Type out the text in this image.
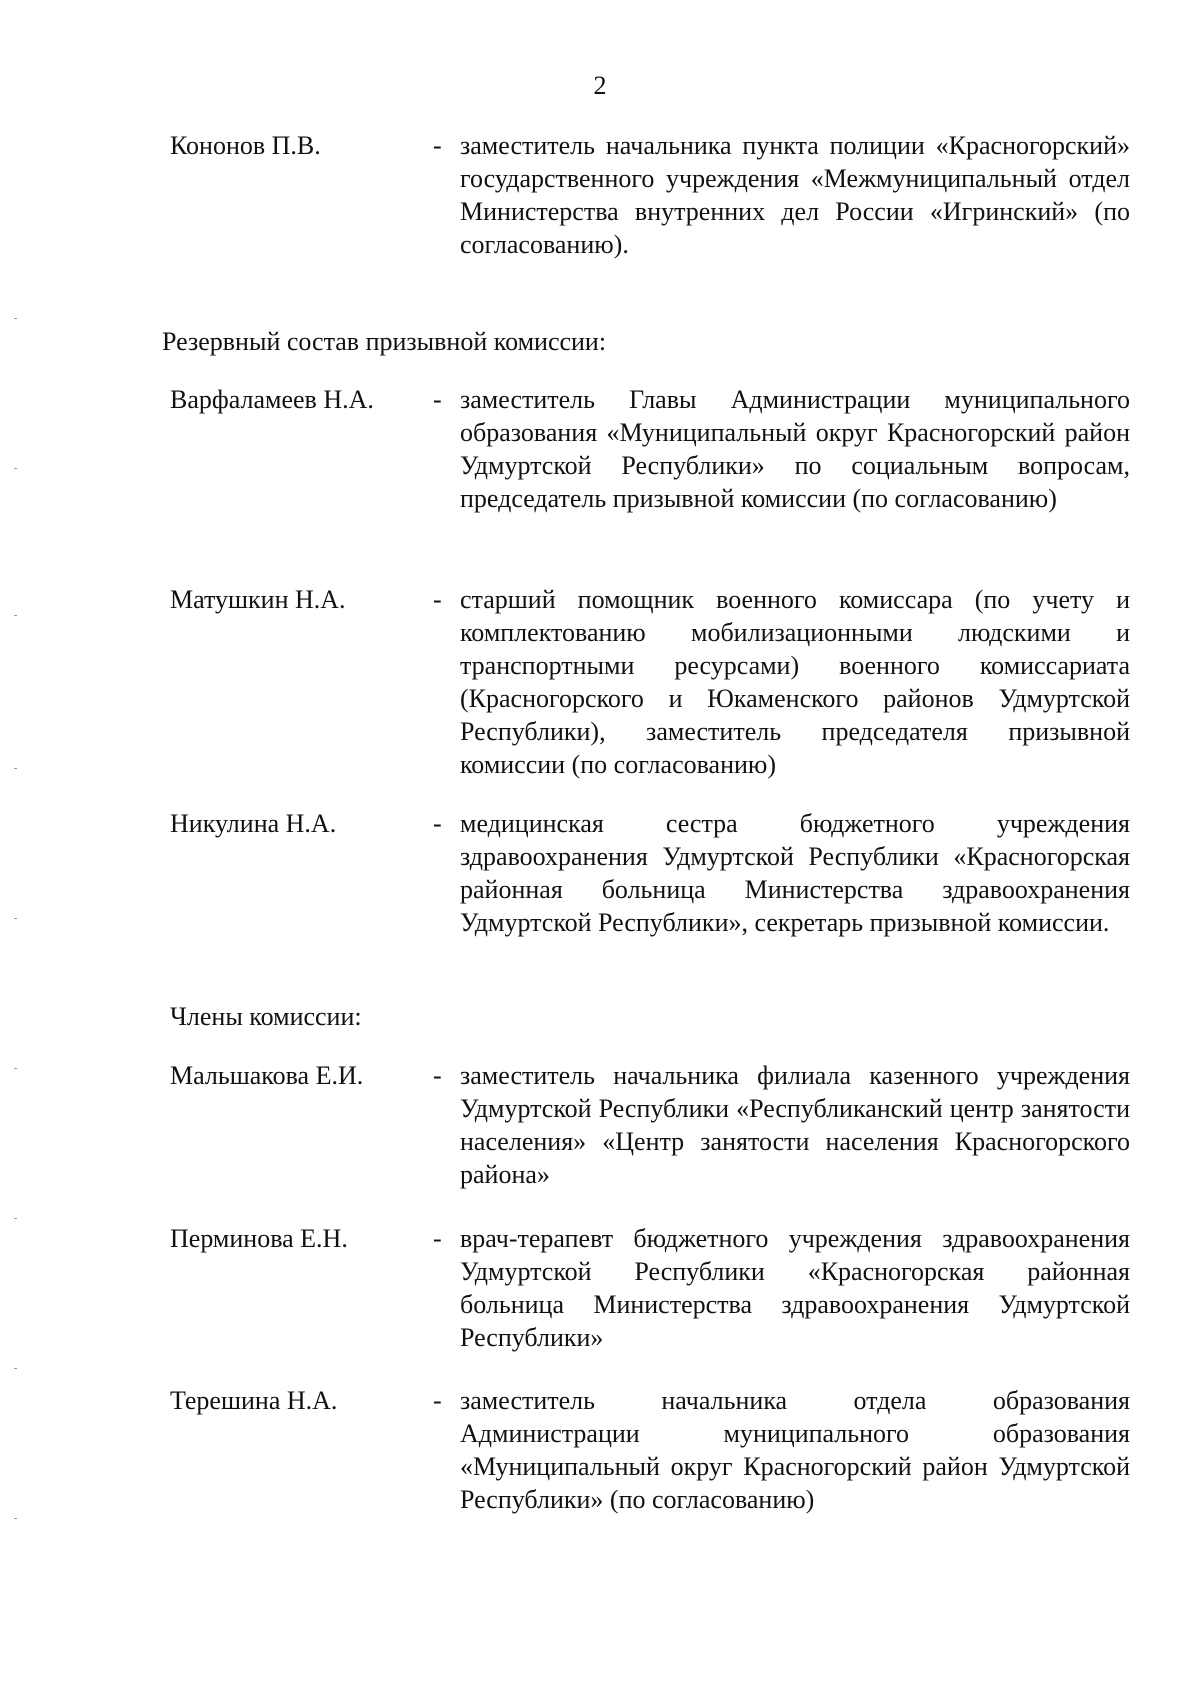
2
Кононов П.В.	- заместитель начальника пункта полиции «Красногорский» государственного учреждения «Межмуниципальный отдел Министерства внутренних дел России «Игринский» (по согласованию).
Резервный состав призывной комиссии:
Варфаламеев Н.А. - заместитель Главы Администрации муниципального образования «Муниципальный округ Красногорский район Удмуртской Республики» по социальным вопросам, председатель призывной комиссии (по согласованию)
Матушкин Н.А.	- старший помощник военного комиссара (по учету и комплектованию мобилизационными людскими и транспортными ресурсами) военного комиссариата (Красногорского и Юкаменского районов Удмуртской Республики), заместитель председателя призывной комиссии (по согласованию)
Никулина Н.А.	- медицинская сестра бюджетного учреждения здравоохранения Удмуртской Республики «Красногорская районная больница Министерства здравоохранения Удмуртской Республики», секретарь призывной комиссии.
Члены комиссии:
Мальшакова Е.И.	- заместитель начальника филиала казенного учреждения Удмуртской Республики «Республиканский центр занятости населения» «Центр занятости населения Красногорского района»
Перминова Е.Н.	- врач-терапевт бюджетного учреждения здравоохранения Удмуртской Республики «Красногорская районная больница Министерства здравоохранения Удмуртской Республики»
Терешина Н.А.	- заместитель начальника отдела образования Администрации муниципального образования «Муниципальный округ Красногорский район Удмуртской Республики» (по согласованию)
